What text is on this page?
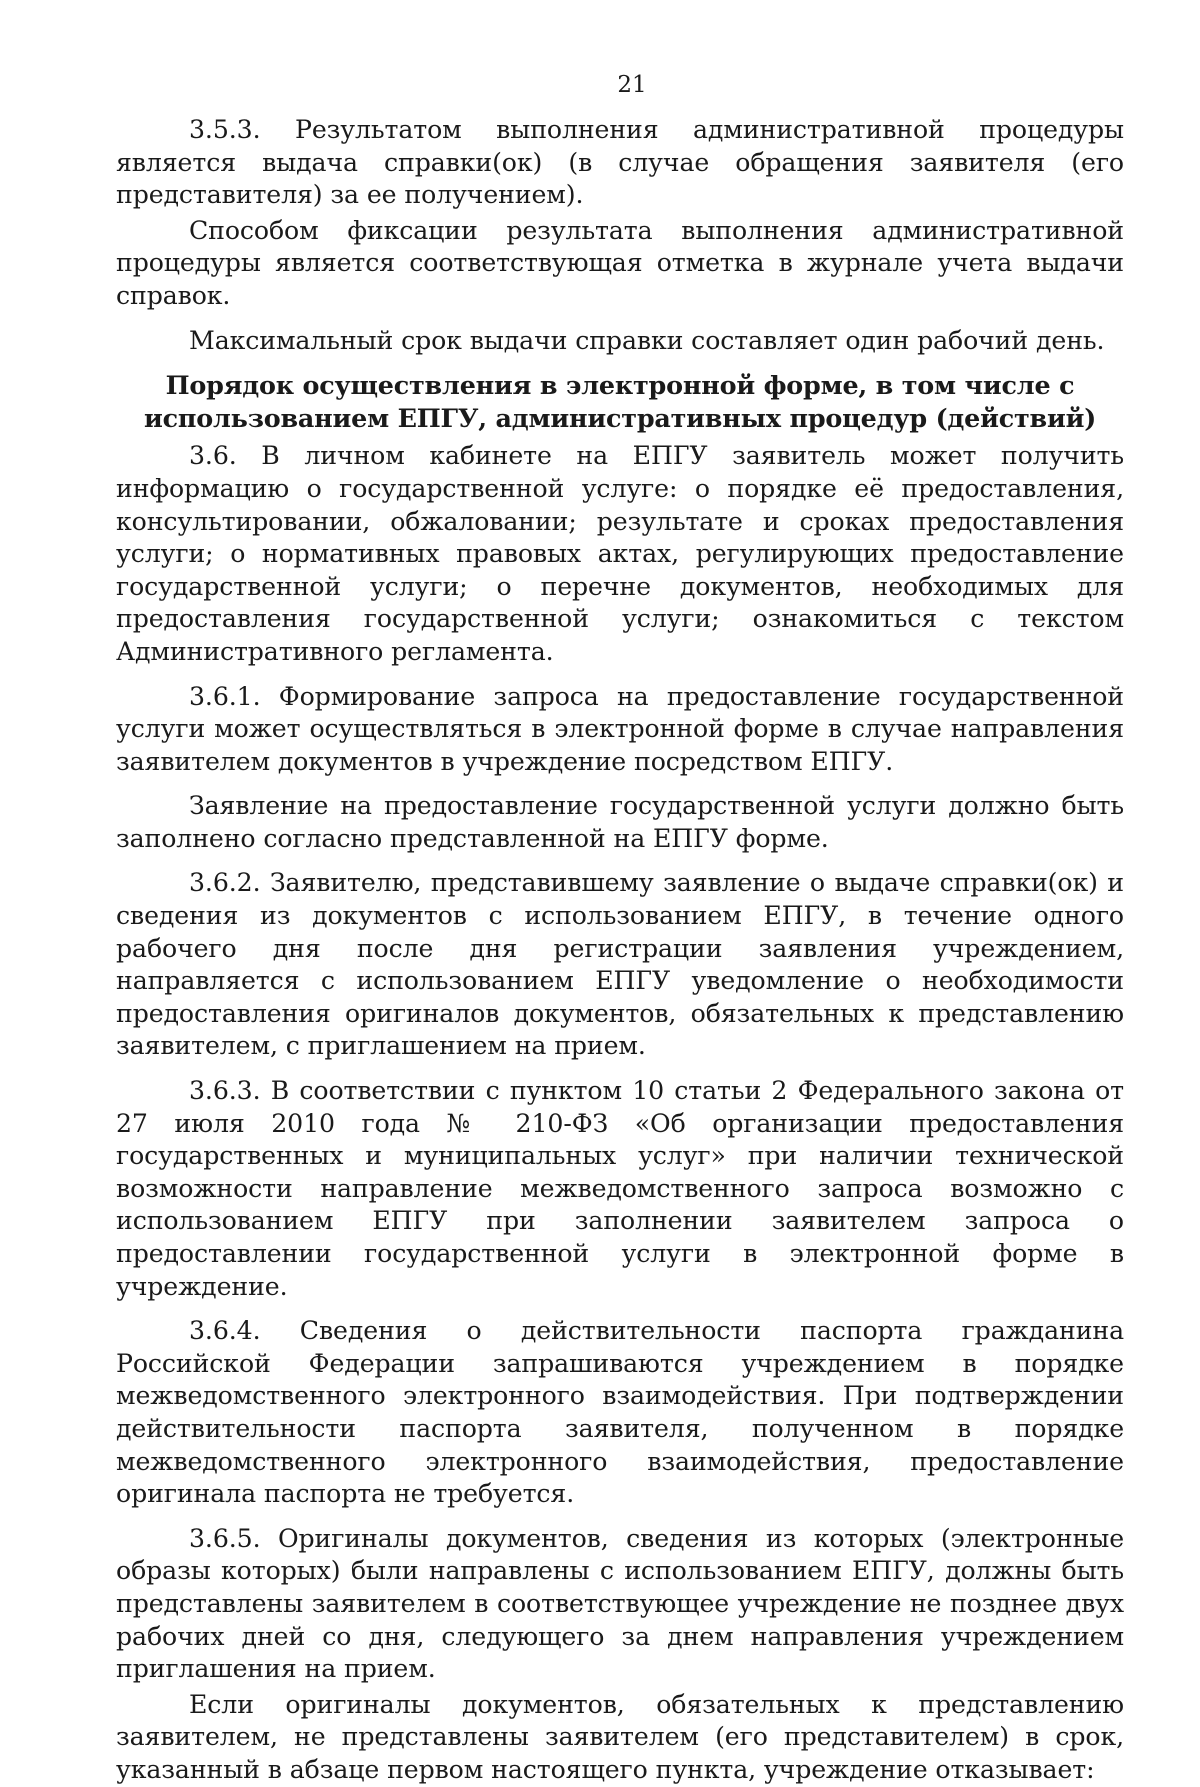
21

3.5.3. Результатом выполнения административной процедуры является выдача справки(ок) (в случае обращения заявителя (его представителя) за ее получением).

Способом фиксации результата выполнения административной процедуры является соответствующая отметка в журнале учета выдачи справок.

Максимальный срок выдачи справки составляет один рабочий день.

Порядок осуществления в электронной форме, в том числе с использованием ЕПГУ, административных процедур (действий)

3.6. В личном кабинете на ЕПГУ заявитель может получить информацию о государственной услуге: о порядке её предоставления, консультировании, обжаловании; результате и сроках предоставления услуги; о нормативных правовых актах, регулирующих предоставление государственной услуги; о перечне документов, необходимых для предоставления государственной услуги; ознакомиться с текстом Административного регламента.

3.6.1. Формирование запроса на предоставление государственной услуги может осуществляться в электронной форме в случае направления заявителем документов в учреждение посредством ЕПГУ.

Заявление на предоставление государственной услуги должно быть заполнено согласно представленной на ЕПГУ форме.

3.6.2. Заявителю, представившему заявление о выдаче справки(ок) и сведения из документов с использованием ЕПГУ, в течение одного рабочего дня после дня регистрации заявления учреждением, направляется с использованием ЕПГУ уведомление о необходимости предоставления оригиналов документов, обязательных к представлению заявителем, с приглашением на прием.

3.6.3. В соответствии с пунктом 10 статьи 2 Федерального закона от 27 июля 2010 года № 210-ФЗ «Об организации предоставления государственных и муниципальных услуг» при наличии технической возможности направление межведомственного запроса возможно с использованием ЕПГУ при заполнении заявителем запроса о предоставлении государственной услуги в электронной форме в учреждение.

3.6.4. Сведения о действительности паспорта гражданина Российской Федерации запрашиваются учреждением в порядке межведомственного электронного взаимодействия. При подтверждении действительности паспорта заявителя, полученном в порядке межведомственного электронного взаимодействия, предоставление оригинала паспорта не требуется.

3.6.5. Оригиналы документов, сведения из которых (электронные образы которых) были направлены с использованием ЕПГУ, должны быть представлены заявителем в соответствующее учреждение не позднее двух рабочих дней со дня, следующего за днем направления учреждением приглашения на прием.

Если оригиналы документов, обязательных к представлению заявителем, не представлены заявителем (его представителем) в срок, указанный в абзаце первом настоящего пункта, учреждение отказывает:
